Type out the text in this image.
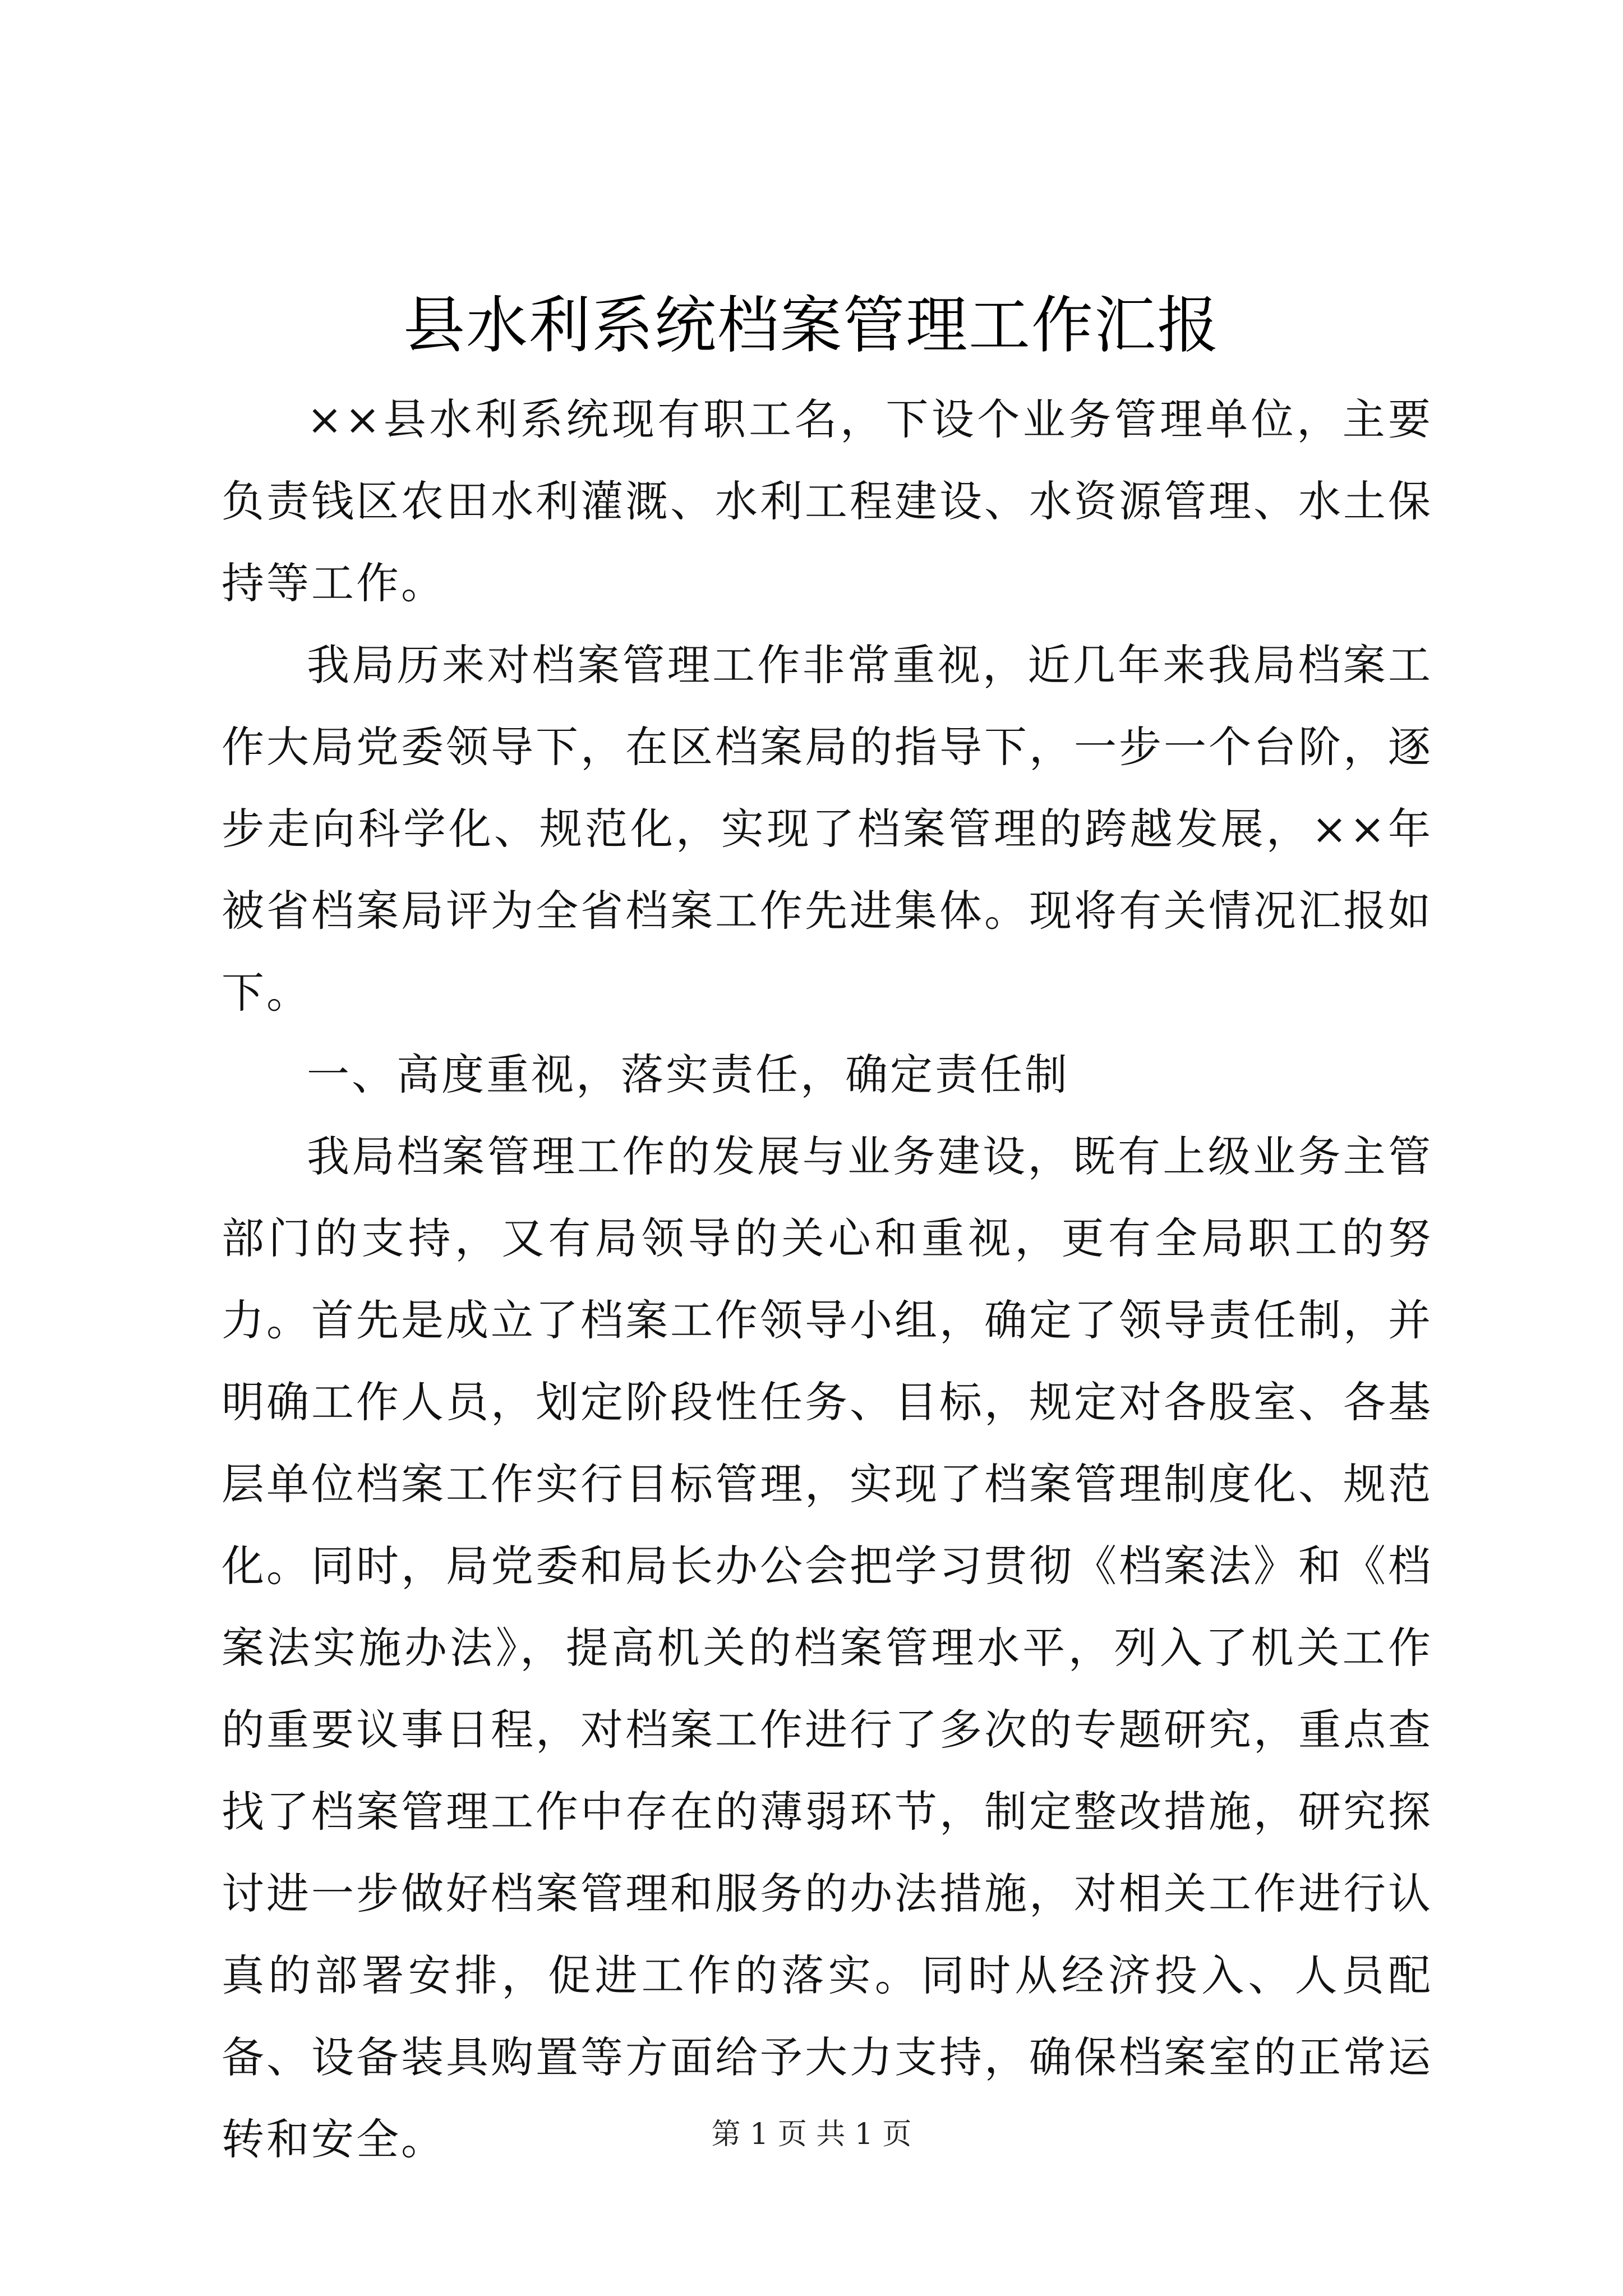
县水利系统档案管理工作汇报

××县水利系统现有职工名，下设个业务管理单位，主要负责钱区农田水利灌溉、水利工程建设、水资源管理、水土保持等工作。

我局历来对档案管理工作非常重视，近几年来我局档案工作大局党委领导下，在区档案局的指导下，一步一个台阶，逐步走向科学化、规范化，实现了档案管理的跨越发展，××年被省档案局评为全省档案工作先进集体。现将有关情况汇报如下。

一、高度重视，落实责任，确定责任制

我局档案管理工作的发展与业务建设，既有上级业务主管部门的支持，又有局领导的关心和重视，更有全局职工的努力。首先是成立了档案工作领导小组，确定了领导责任制，并明确工作人员，划定阶段性任务、目标，规定对各股室、各基层单位档案工作实行目标管理，实现了档案管理制度化、规范化。同时，局党委和局长办公会把学习贯彻《档案法》和《档案法实施办法》，提高机关的档案管理水平，列入了机关工作的重要议事日程，对档案工作进行了多次的专题研究，重点查找了档案管理工作中存在的薄弱环节，制定整改措施，研究探讨进一步做好档案管理和服务的办法措施，对相关工作进行认真的部署安排，促进工作的落实。同时从经济投入、人员配备、设备装具购置等方面给予大力支持，确保档案室的正常运转和安全。	第 1 页 共 1 页
